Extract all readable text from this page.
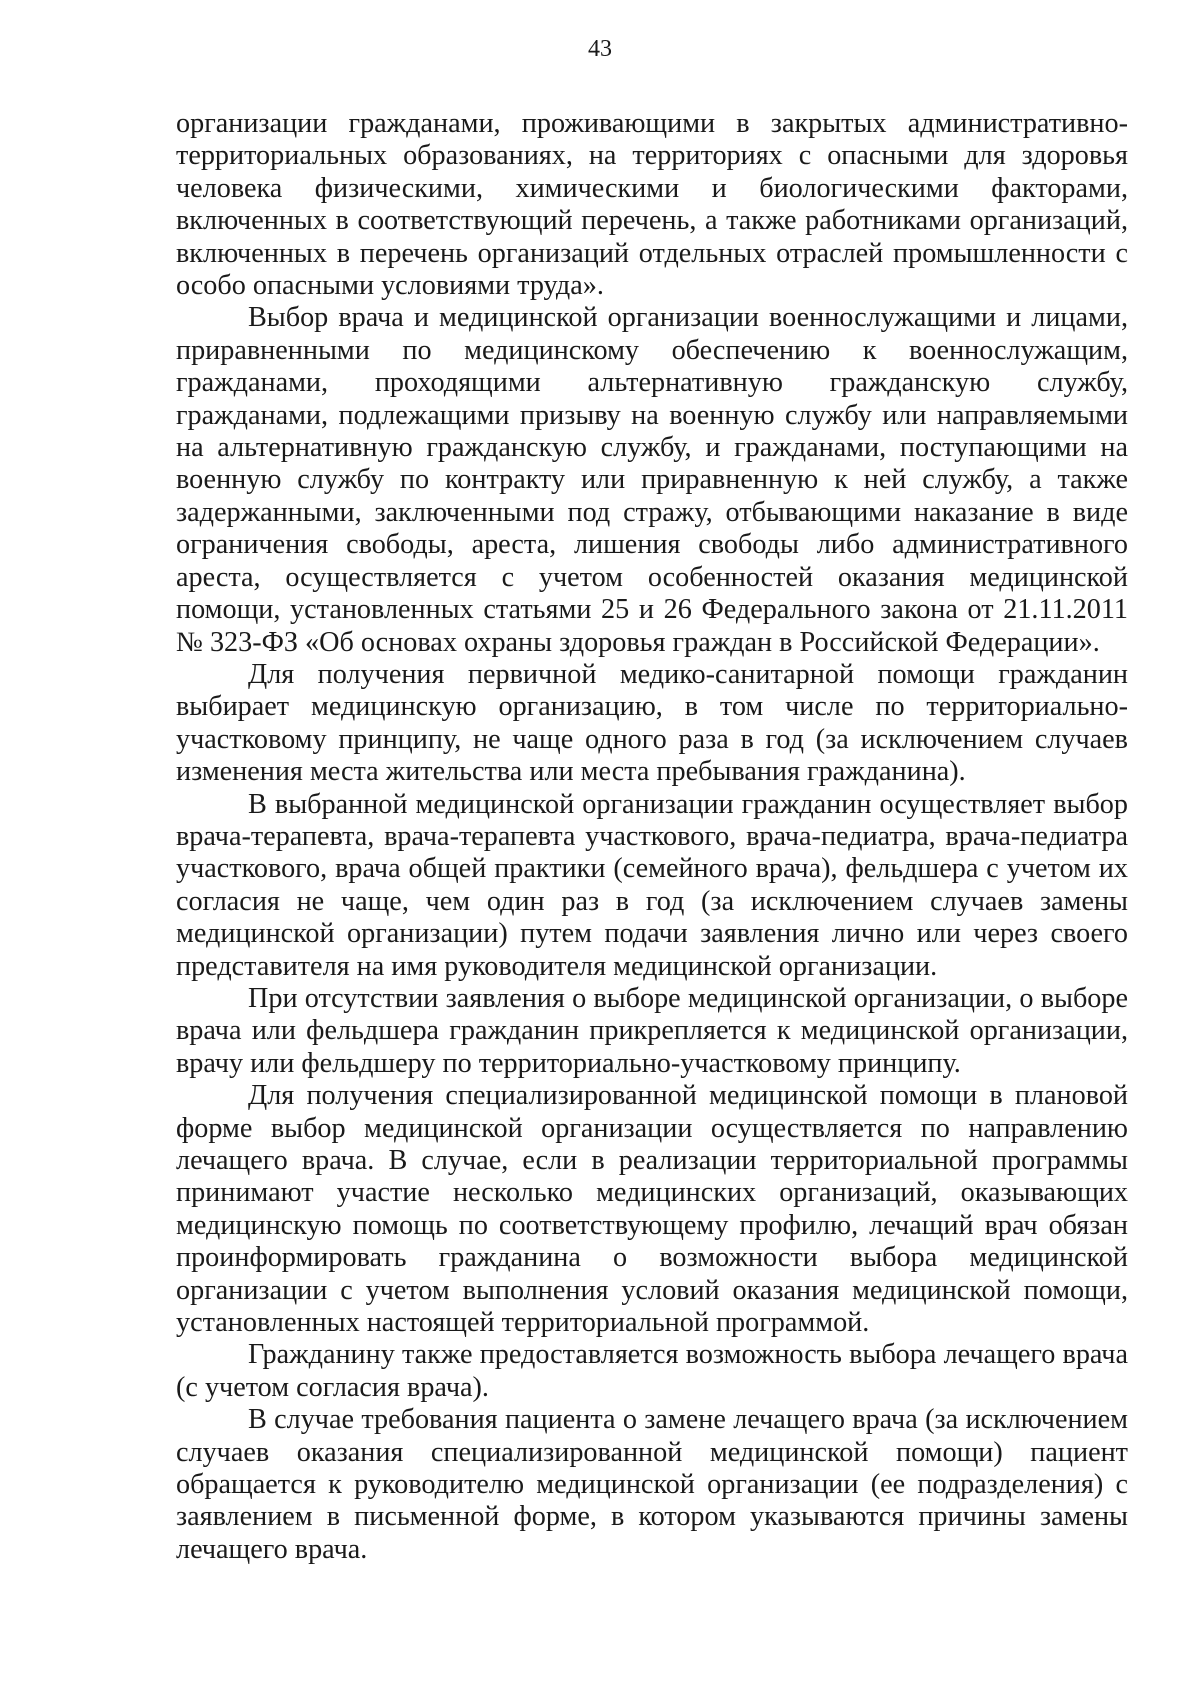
43

организации гражданами, проживающими в закрытых административно-территориальных образованиях, на территориях с опасными для здоровья человека физическими, химическими и биологическими факторами, включенных в соответствующий перечень, а также работниками организаций, включенных в перечень организаций отдельных отраслей промышленности с особо опасными условиями труда».

Выбор врача и медицинской организации военнослужащими и лицами, приравненными по медицинскому обеспечению к военнослужащим, гражданами, проходящими альтернативную гражданскую службу, гражданами, подлежащими призыву на военную службу или направляемыми на альтернативную гражданскую службу, и гражданами, поступающими на военную службу по контракту или приравненную к ней службу, а также задержанными, заключенными под стражу, отбывающими наказание в виде ограничения свободы, ареста, лишения свободы либо административного ареста, осуществляется с учетом особенностей оказания медицинской помощи, установленных статьями 25 и 26 Федерального закона от 21.11.2011 № 323-ФЗ «Об основах охраны здоровья граждан в Российской Федерации».

Для получения первичной медико-санитарной помощи гражданин выбирает медицинскую организацию, в том числе по территориально-участковому принципу, не чаще одного раза в год (за исключением случаев изменения места жительства или места пребывания гражданина).

В выбранной медицинской организации гражданин осуществляет выбор врача-терапевта, врача-терапевта участкового, врача-педиатра, врача-педиатра участкового, врача общей практики (семейного врача), фельдшера с учетом их согласия не чаще, чем один раз в год (за исключением случаев замены медицинской организации) путем подачи заявления лично или через своего представителя на имя руководителя медицинской организации.

При отсутствии заявления о выборе медицинской организации, о выборе врача или фельдшера гражданин прикрепляется к медицинской организации, врачу или фельдшеру по территориально-участковому принципу.

Для получения специализированной медицинской помощи в плановой форме выбор медицинской организации осуществляется по направлению лечащего врача. В случае, если в реализации территориальной программы принимают участие несколько медицинских организаций, оказывающих медицинскую помощь по соответствующему профилю, лечащий врач обязан проинформировать гражданина о возможности выбора медицинской организации с учетом выполнения условий оказания медицинской помощи, установленных настоящей территориальной программой.

Гражданину также предоставляется возможность выбора лечащего врача (с учетом согласия врача).

В случае требования пациента о замене лечащего врача (за исключением случаев оказания специализированной медицинской помощи) пациент обращается к руководителю медицинской организации (ее подразделения) с заявлением в письменной форме, в котором указываются причины замены лечащего врача.
